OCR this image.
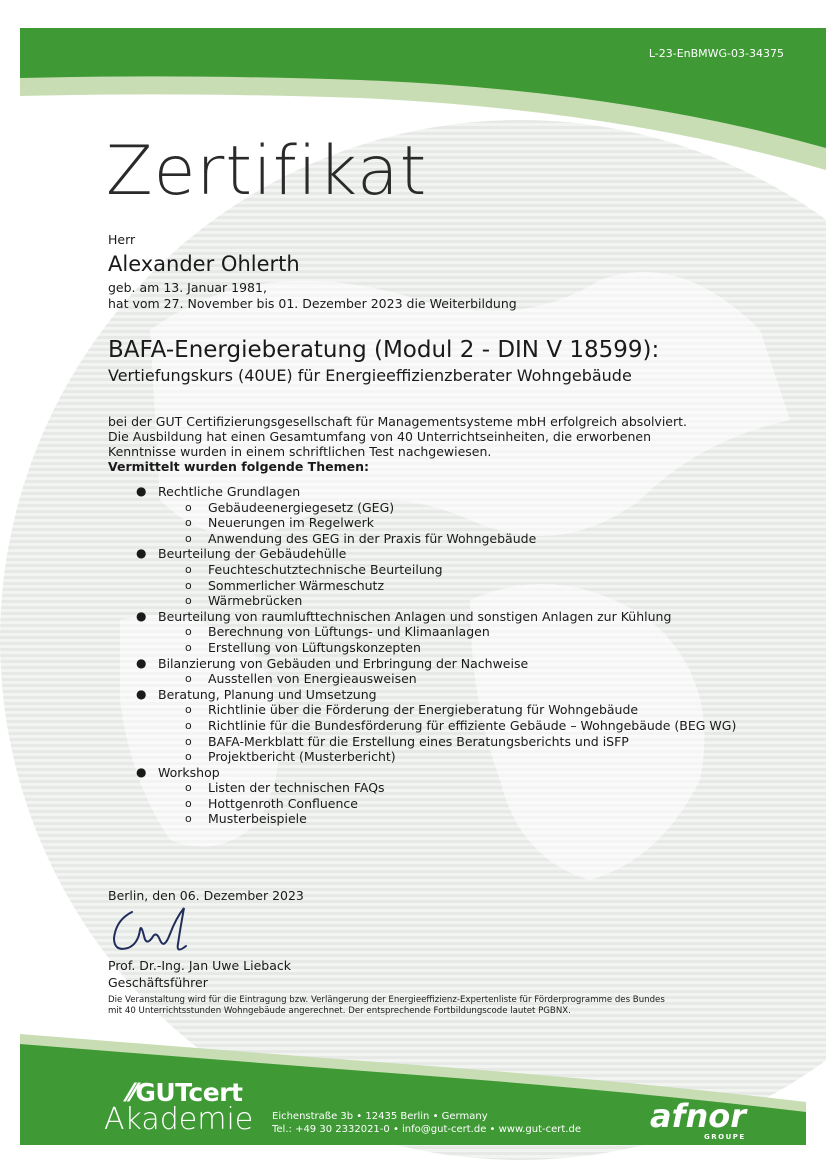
L-23-EnBMWG-03-34375
Zertifikat
Herr
Alexander Ohlerth
geb. am 13. Januar 1981,
hat vom 27. November bis 01. Dezember 2023 die Weiterbildung
BAFA-Energieberatung (Modul 2 - DIN V 18599):
Vertiefungskurs (40UE) für Energieeffizienzberater Wohngebäude

bei der GUT Certifizierungsgesellschaft für Managementsysteme mbH erfolgreich absolviert.

Die Ausbildung hat einen Gesamtumfang von 40 Unterrichtseinheiten, die erworbenen

Kenntnisse wurden in einem schriftlichen Test nachgewiesen.

Vermittelt wurden folgende Themen:

● Rechtliche Grundlagen
o Gebäudeenergiegesetz (GEG)
o Neuerungen im Regelwerk
o Anwendung des GEG in der Praxis für Wohngebäude
● Beurteilung der Gebäudehülle
o Feuchteschutztechnische Beurteilung
o Sommerlicher Wärmeschutz
o Wärmebrücken
● Beurteilung von raumlufttechnischen Anlagen und sonstigen Anlagen zur Kühlung
o Berechnung von Lüftungs- und Klimaanlagen
o Erstellung von Lüftungskonzepten
● Bilanzierung von Gebäuden und Erbringung der Nachweise
o Ausstellen von Energieausweisen
● Beratung, Planung und Umsetzung
o Richtlinie über die Förderung der Energieberatung für Wohngebäude
o Richtlinie für die Bundesförderung für effiziente Gebäude – Wohngebäude (BEG WG)
o BAFA-Merkblatt für die Erstellung eines Beratungsberichts und iSFP
o Projektbericht (Musterbericht)
● Workshop
o Listen der technischen FAQs
o Hottgenroth Confluence
o Musterbeispiele
Berlin, den 06. Dezember 2023
Prof. Dr.-Ing. Jan Uwe Lieback
Geschäftsführer
Die Veranstaltung wird für die Eintragung bzw. Verlängerung der Energieeffizienz-Expertenliste für Förderprogramme des Bundes
mit 40 Unterrichtsstunden Wohngebäude angerechnet. Der entsprechende Fortbildungscode lautet PGBNX.
⁄⁄GUTcert
Akademie Eichenstraße 3b • 12435 Berlin • Germany
Tel.: +49 30 2332021-0 • info@gut-cert.de • www.gut-cert.de afnor
GROUPE
